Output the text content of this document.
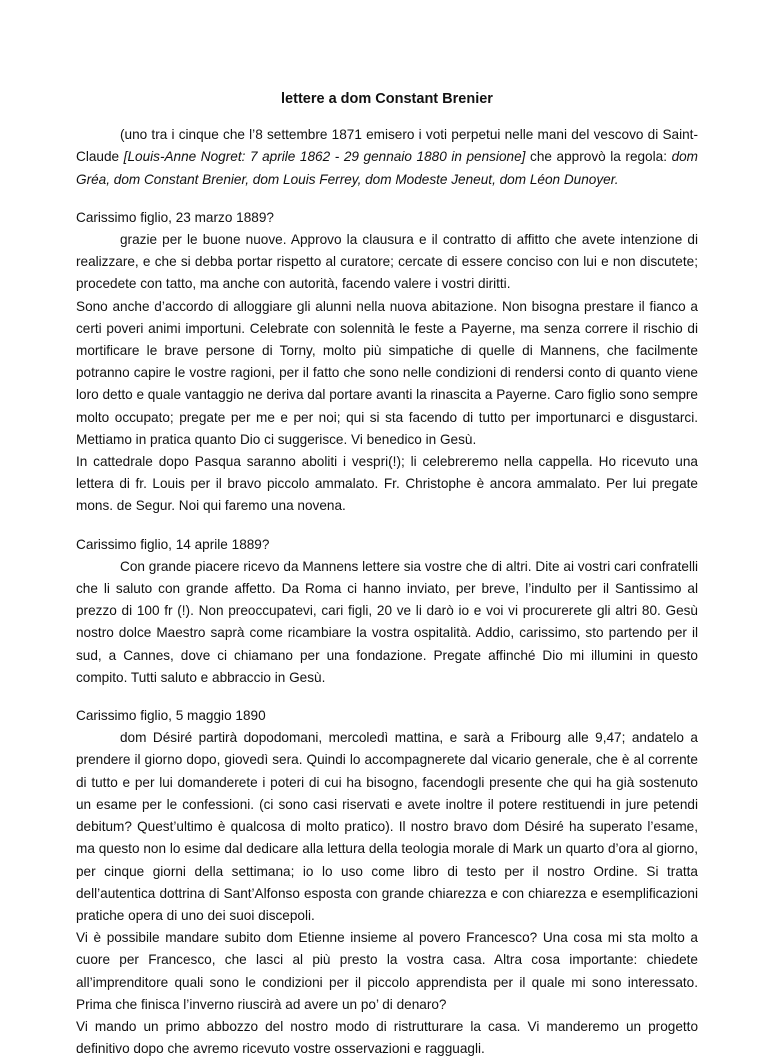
lettere a dom Constant Brenier

(uno tra i cinque che l’8 settembre 1871 emisero i voti perpetui nelle mani del vescovo di Saint-Claude [Louis-Anne Nogret: 7 aprile 1862 - 29 gennaio 1880 in pensione] che approvò la regola: dom Gréa, dom Constant Brenier, dom Louis Ferrey, dom Modeste Jeneut, dom Léon Dunoyer.

Carissimo figlio, 23 marzo 1889?

grazie per le buone nuove. Approvo la clausura e il contratto di affitto che avete intenzione di realizzare, e che si debba portar rispetto al curatore; cercate di essere conciso con lui e non discutete; procedete con tatto, ma anche con autorità, facendo valere i vostri diritti.

Sono anche d’accordo di alloggiare gli alunni nella nuova abitazione. Non bisogna prestare il fianco a certi poveri animi importuni. Celebrate con solennità le feste a Payerne, ma senza correre il rischio di mortificare le brave persone di Torny, molto più simpatiche di quelle di Mannens, che facilmente potranno capire le vostre ragioni, per il fatto che sono nelle condizioni di rendersi conto di quanto viene loro detto e quale vantaggio ne deriva dal portare avanti la rinascita a Payerne. Caro figlio sono sempre molto occupato; pregate per me e per noi; qui si sta facendo di tutto per importunarci e disgustarci. Mettiamo in pratica quanto Dio ci suggerisce. Vi benedico in Gesù.

In cattedrale dopo Pasqua saranno aboliti i vespri(!); li celebreremo nella cappella. Ho ricevuto una lettera di fr. Louis per il bravo piccolo ammalato. Fr. Christophe è ancora ammalato. Per lui pregate mons. de Segur. Noi qui faremo una novena.

Carissimo figlio, 14 aprile 1889?

Con grande piacere ricevo da Mannens lettere sia vostre che di altri. Dite ai vostri cari confratelli che li saluto con grande affetto. Da Roma ci hanno inviato, per breve, l’indulto per il Santissimo al prezzo di 100 fr (!). Non preoccupatevi, cari figli, 20 ve li darò io e voi vi procurerete gli altri 80. Gesù nostro dolce Maestro saprà come ricambiare la vostra ospitalità. Addio, carissimo, sto partendo per il sud, a Cannes, dove ci chiamano per una fondazione. Pregate affinché Dio mi illumini in questo compito. Tutti saluto e abbraccio in Gesù.

Carissimo figlio, 5 maggio 1890

dom Désiré partirà dopodomani, mercoledì mattina, e sarà a Fribourg alle 9,47; andatelo a prendere il giorno dopo, giovedì sera. Quindi lo accompagnerete dal vicario generale, che è al corrente di tutto e per lui domanderete i poteri di cui ha bisogno, facendogli presente che qui ha già sostenuto un esame per le confessioni. (ci sono casi riservati e avete inoltre il potere restituendi in jure petendi debitum? Quest’ultimo è qualcosa di molto pratico). Il nostro bravo dom Désiré ha superato l’esame, ma questo non lo esime dal dedicare alla lettura della teologia morale di Mark un quarto d’ora al giorno, per cinque giorni della settimana; io lo uso come libro di testo per il nostro Ordine. Si tratta dell’autentica dottrina di Sant’Alfonso esposta con grande chiarezza e con chiarezza e esemplificazioni pratiche opera di uno dei suoi discepoli.

Vi è possibile mandare subito dom Etienne insieme al povero Francesco? Una cosa mi sta molto a cuore per Francesco, che lasci al più presto la vostra casa. Altra cosa importante: chiedete all’imprenditore quali sono le condizioni per il piccolo apprendista per il quale mi sono interessato. Prima che finisca l’inverno riuscirà ad avere un po’ di denaro?

Vi mando un primo abbozzo del nostro modo di ristrutturare la casa. Vi manderemo un progetto definitivo dopo che avremo ricevuto vostre osservazioni e ragguagli.
